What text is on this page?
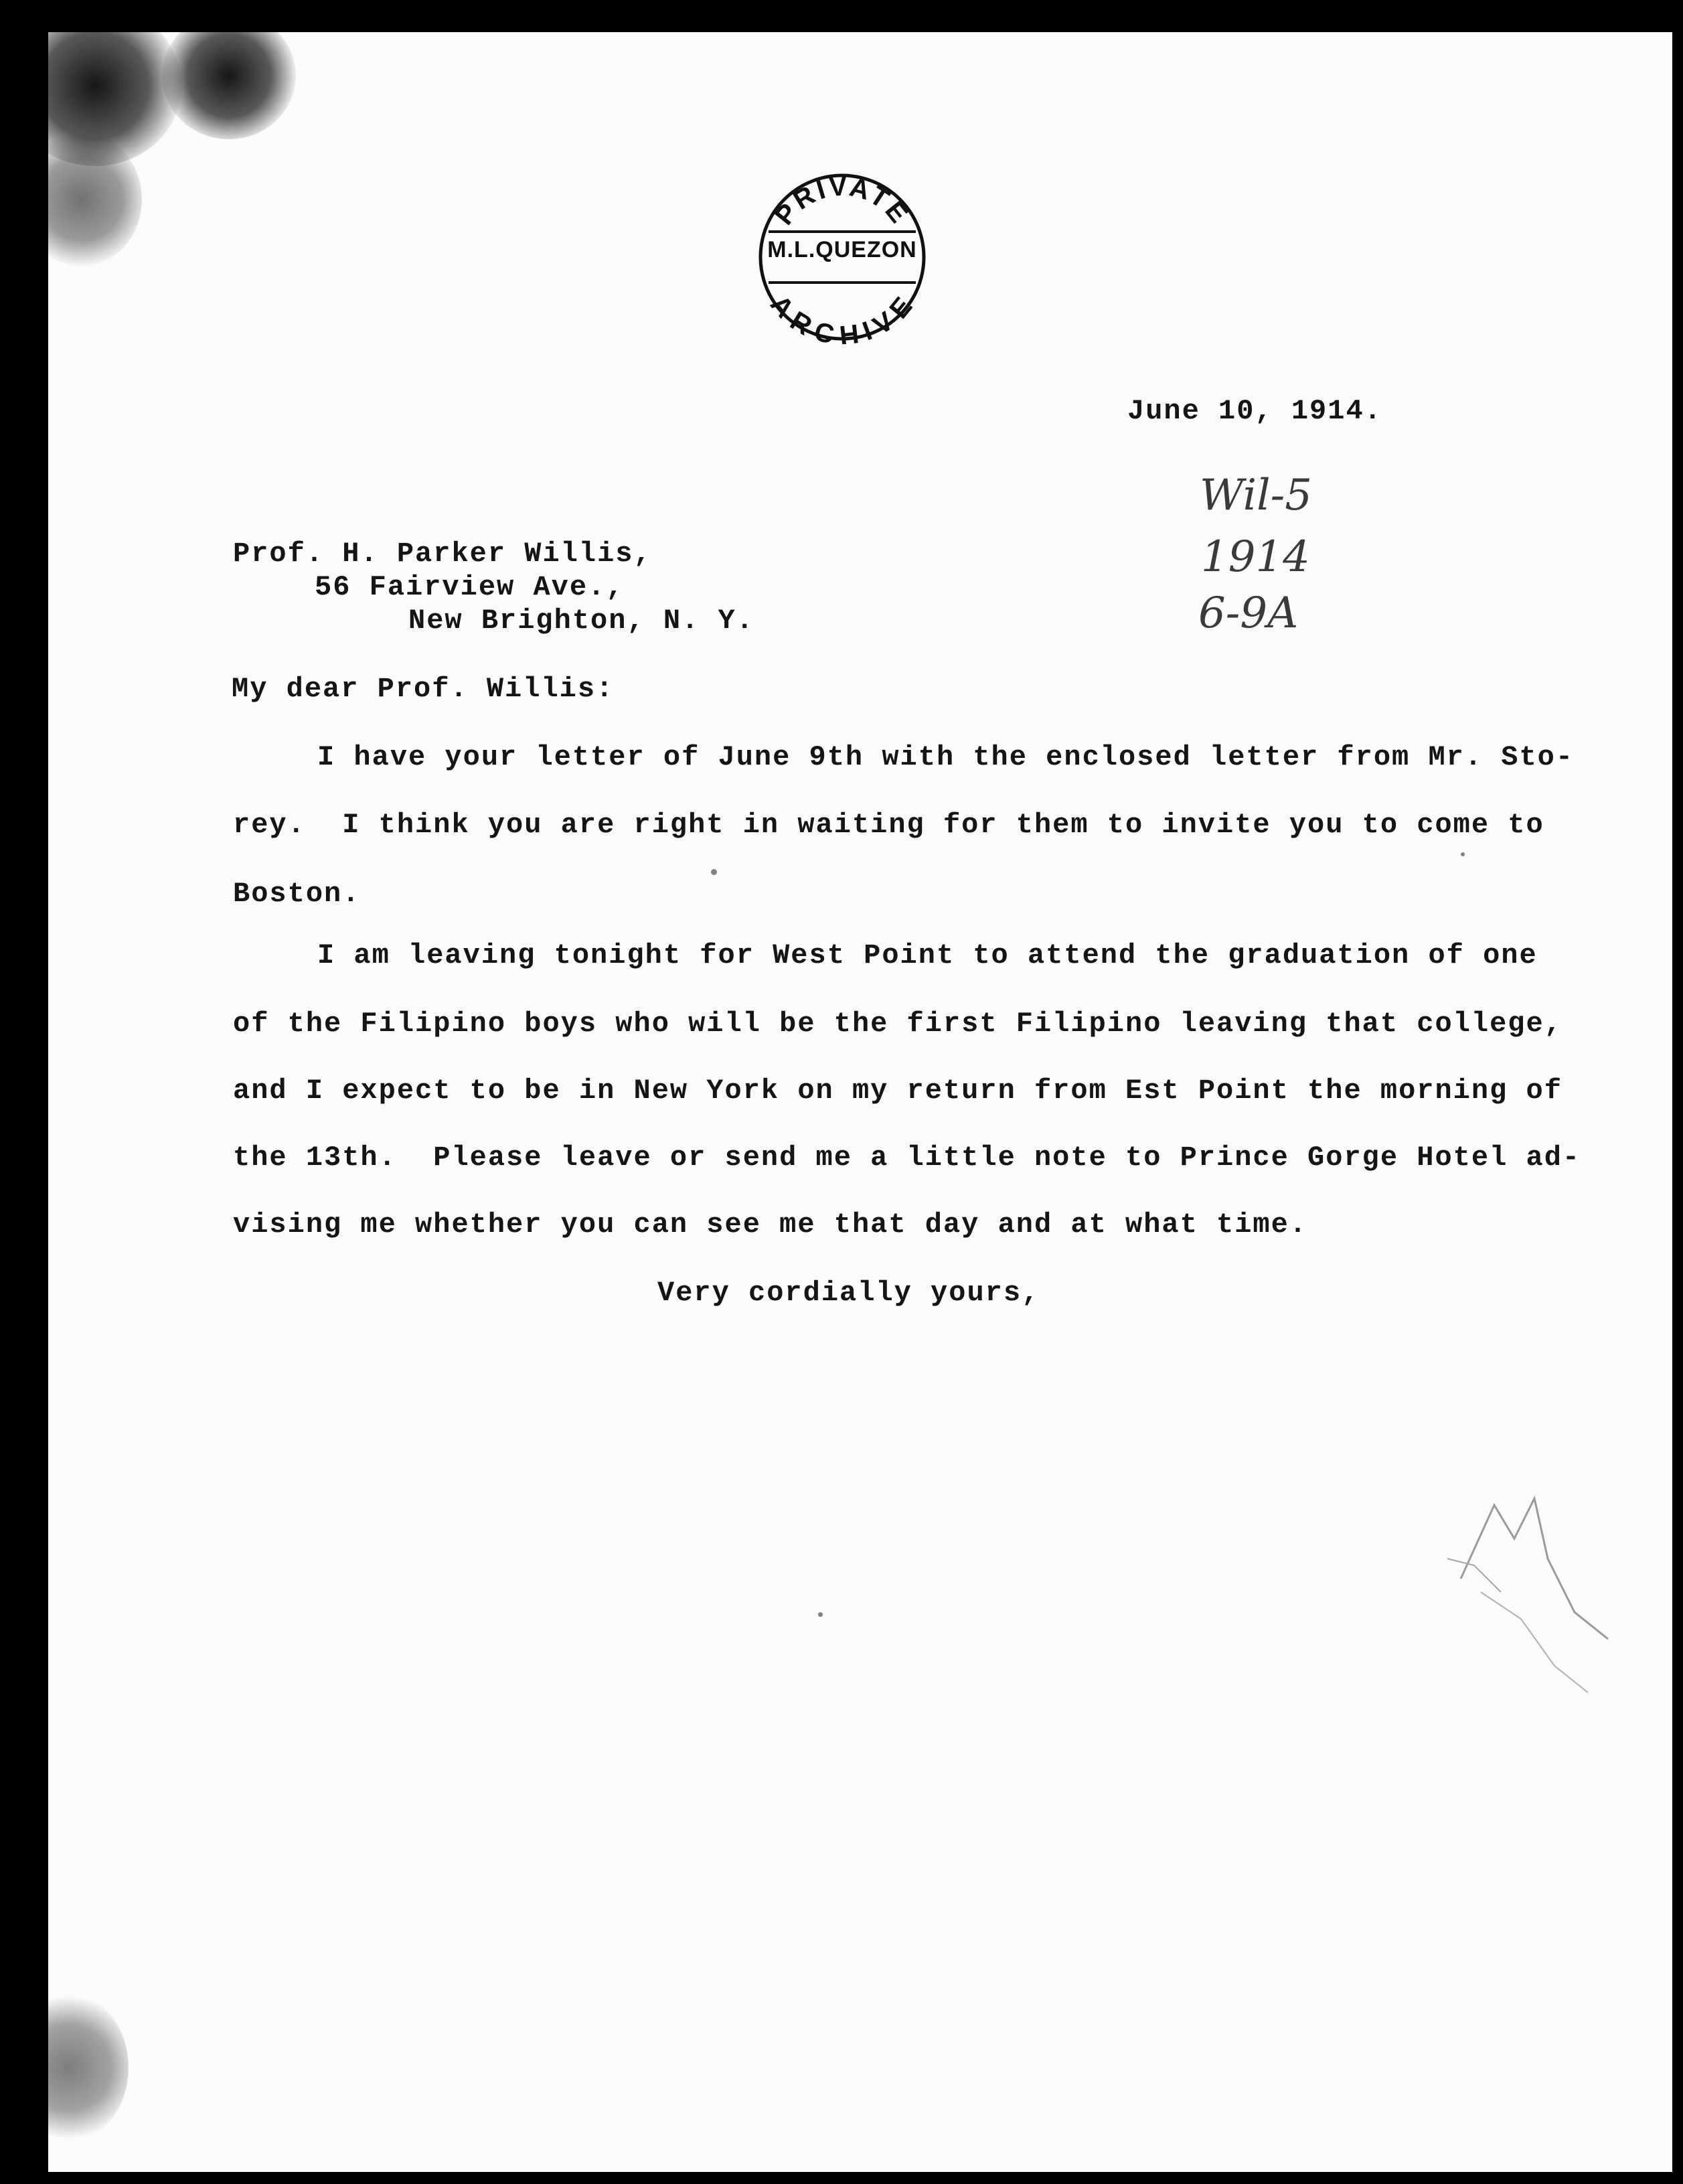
PRIVATE
ARCHIVE
M.L.QUEZON
June 10, 1914.
Wil-5
1914
6-9A
Prof. H. Parker Willis,
56 Fairview Ave.,
New Brighton, N. Y.
My dear Prof. Willis:
I have your letter of June 9th with the enclosed letter from Mr. Sto-
rey.  I think you are right in waiting for them to invite you to come to
Boston.
I am leaving tonight for West Point to attend the graduation of one
of the Filipino boys who will be the first Filipino leaving that college,
and I expect to be in New York on my return from Est Point the morning of
the 13th.  Please leave or send me a little note to Prince Gorge Hotel ad-
vising me whether you can see me that day and at what time.
Very cordially yours,
